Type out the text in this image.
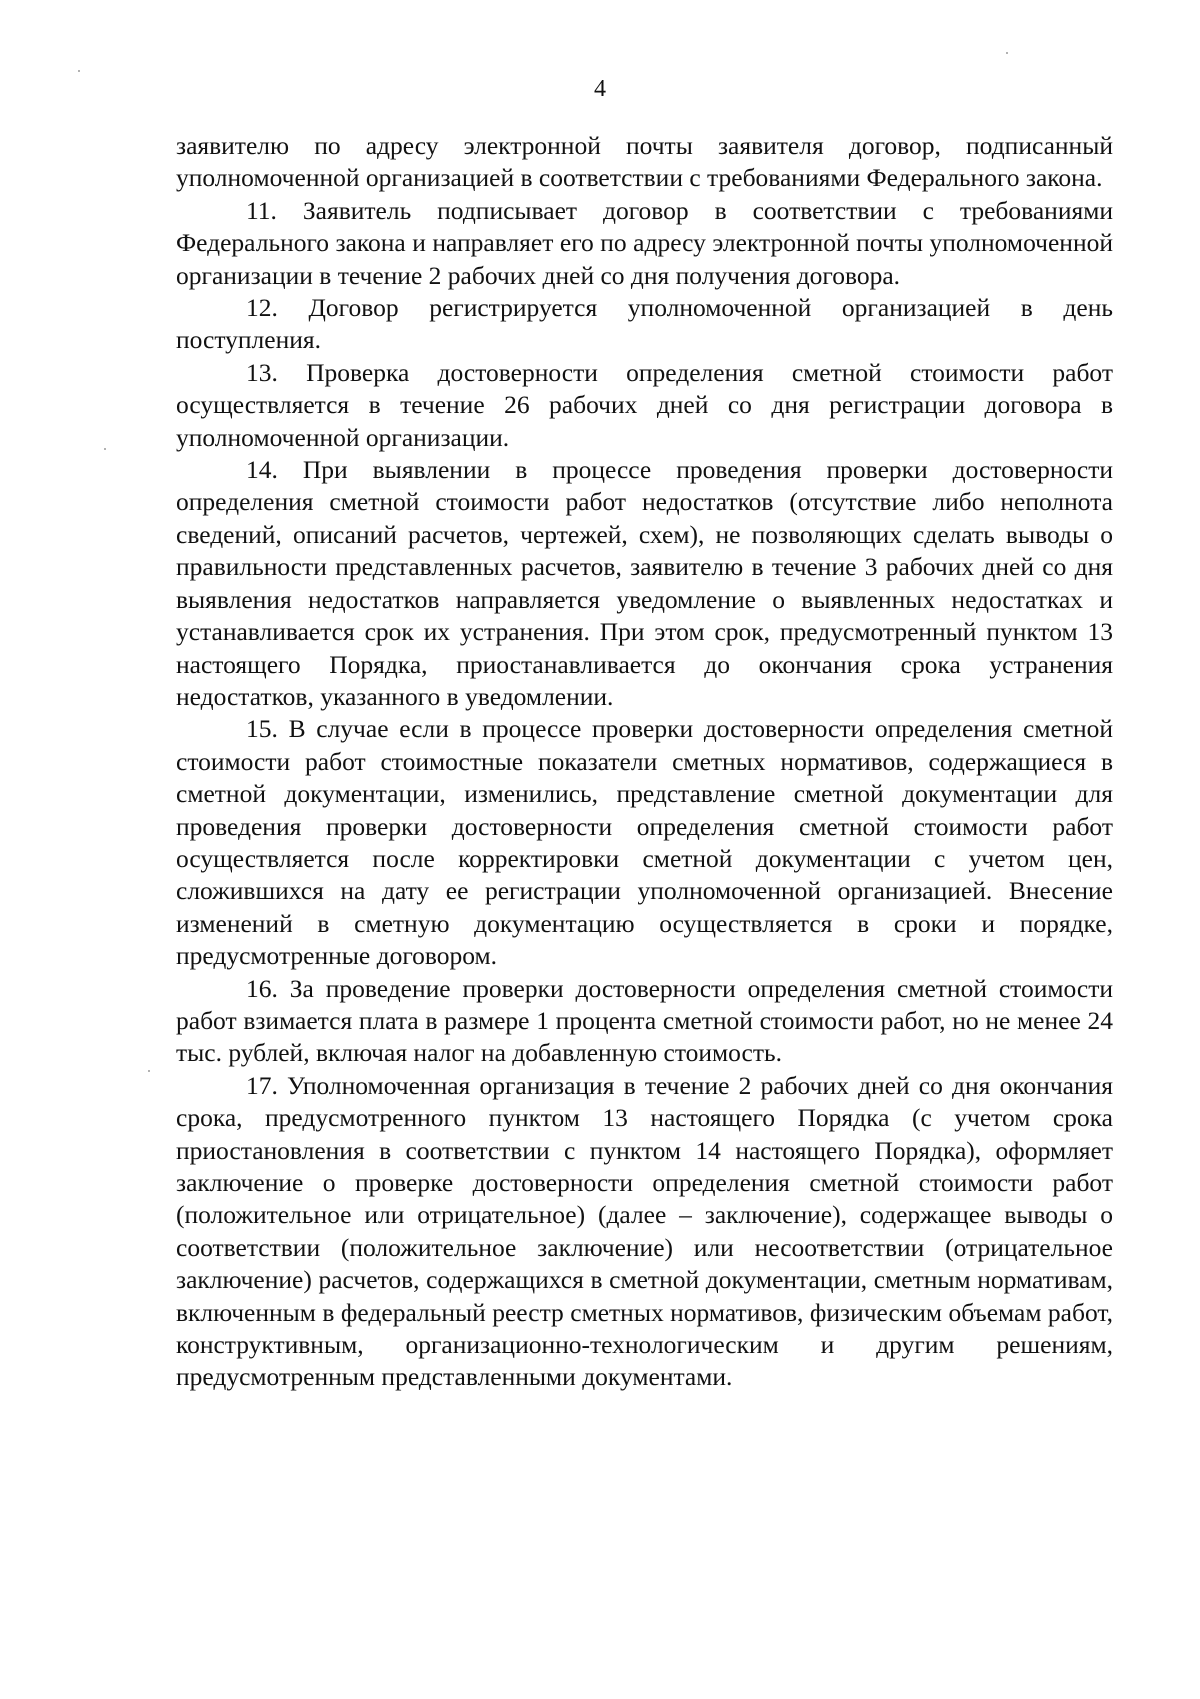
4

заявителю по адресу электронной почты заявителя договор, подписанный уполномоченной организацией в соответствии с требованиями Федерального закона.

11. Заявитель подписывает договор в соответствии с требованиями Федерального закона и направляет его по адресу электронной почты уполномоченной организации в течение 2 рабочих дней со дня получения договора.

12. Договор регистрируется уполномоченной организацией в день поступления.

13. Проверка достоверности определения сметной стоимости работ осуществляется в течение 26 рабочих дней со дня регистрации договора в уполномоченной организации.

14. При выявлении в процессе проведения проверки достоверности определения сметной стоимости работ недостатков (отсутствие либо неполнота сведений, описаний расчетов, чертежей, схем), не позволяющих сделать выводы о правильности представленных расчетов, заявителю в течение 3 рабочих дней со дня выявления недостатков направляется уведомление о выявленных недостатках и устанавливается срок их устранения. При этом срок, предусмотренный пунктом 13 настоящего Порядка, приостанавливается до окончания срока устранения недостатков, указанного в уведомлении.

15. В случае если в процессе проверки достоверности определения сметной стоимости работ стоимостные показатели сметных нормативов, содержащиеся в сметной документации, изменились, представление сметной документации для проведения проверки достоверности определения сметной стоимости работ осуществляется после корректировки сметной документации с учетом цен, сложившихся на дату ее регистрации уполномоченной организацией. Внесение изменений в сметную документацию осуществляется в сроки и порядке, предусмотренные договором.

16. За проведение проверки достоверности определения сметной стоимости работ взимается плата в размере 1 процента сметной стоимости работ, но не менее 24 тыс. рублей, включая налог на добавленную стоимость.

17. Уполномоченная организация в течение 2 рабочих дней со дня окончания срока, предусмотренного пунктом 13 настоящего Порядка (с учетом срока приостановления в соответствии с пунктом 14 настоящего Порядка), оформляет заключение о проверке достоверности определения сметной стоимости работ (положительное или отрицательное) (далее – заключение), содержащее выводы о соответствии (положительное заключение) или несоответствии (отрицательное заключение) расчетов, содержащихся в сметной документации, сметным нормативам, включенным в федеральный реестр сметных нормативов, физическим объемам работ, конструктивным, организационно-технологическим и другим решениям, предусмотренным представленными документами.
